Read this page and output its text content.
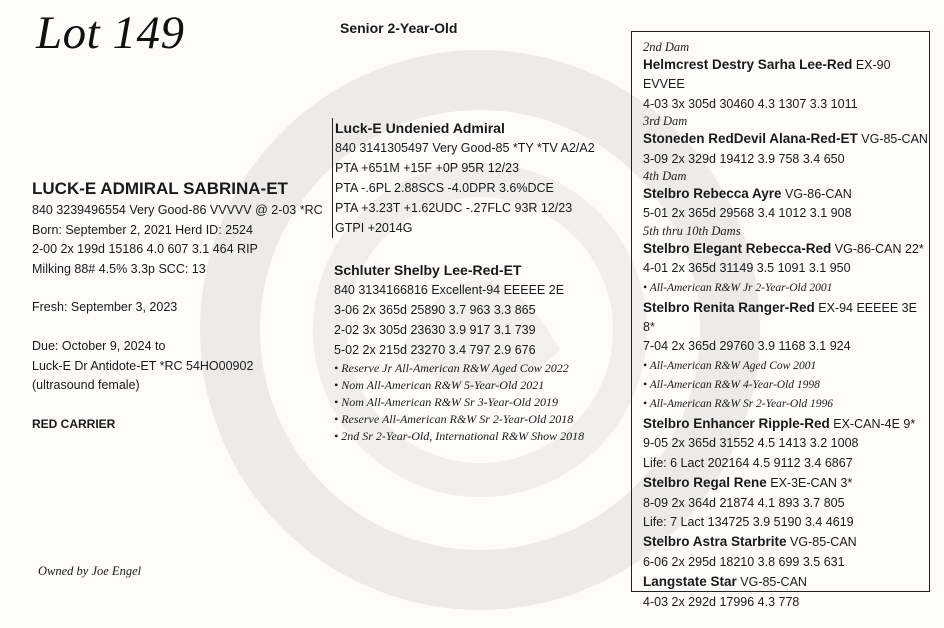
Lot 149	Senior 2-Year-Old
LUCK-E ADMIRAL SABRINA-ET
840 3239496554 Very Good-86 VVVVV @ 2-03 *RC
Born: September 2, 2021 Herd ID: 2524
2-00 2x 199d 15186 4.0 607 3.1 464 RIP
Milking 88# 4.5% 3.3p SCC: 13
Fresh: September 3, 2023
Due: October 9, 2024 to
Luck-E Dr Antidote-ET *RC 54HO00902
(ultrasound female)
RED CARRIER
Owned by Joe Engel
Luck-E Undenied Admiral
840 3141305497 Very Good-85 *TY *TV A2/A2
PTA +651M +15F +0P 95R 12/23
PTA -.6PL 2.88SCS -4.0DPR 3.6%DCE
PTA +3.23T +1.62UDC -.27FLC 93R 12/23
GTPI +2014G
Schluter Shelby Lee-Red-ET
840 3134166816 Excellent-94 EEEEE 2E
3-06 2x 365d 25890 3.7 963 3.3 865
2-02 3x 305d 23630 3.9 917 3.1 739
5-02 2x 215d 23270 3.4 797 2.9 676
• Reserve Jr All-American R&W Aged Cow 2022
• Nom All-American R&W 5-Year-Old 2021
• Nom All-American R&W Sr 3-Year-Old 2019
• Reserve All-American R&W Sr 2-Year-Old 2018
• 2nd Sr 2-Year-Old, International R&W Show 2018
2nd Dam
Helmcrest Destry Sarha Lee-Red EX-90 EVVEE
4-03 3x 305d 30460 4.3 1307 3.3 1011
3rd Dam
Stoneden RedDevil Alana-Red-ET VG-85-CAN
3-09 2x 329d 19412 3.9 758 3.4 650
4th Dam
Stelbro Rebecca Ayre VG-86-CAN
5-01 2x 365d 29568 3.4 1012 3.1 908
5th thru 10th Dams
Stelbro Elegant Rebecca-Red VG-86-CAN 22*
4-01 2x 365d 31149 3.5 1091 3.1 950
• All-American R&W Jr 2-Year-Old 2001
Stelbro Renita Ranger-Red EX-94 EEEEE 3E 8*
7-04 2x 365d 29760 3.9 1168 3.1 924
• All-American R&W Aged Cow 2001
• All-American R&W 4-Year-Old 1998
• All-American R&W Sr 2-Year-Old 1996
Stelbro Enhancer Ripple-Red EX-CAN-4E 9*
9-05 2x 365d 31552 4.5 1413 3.2 1008
Life: 6 Lact 202164 4.5 9112 3.4 6867
Stelbro Regal Rene EX-3E-CAN 3*
8-09 2x 364d 21874 4.1 893 3.7 805
Life: 7 Lact 134725 3.9 5190 3.4 4619
Stelbro Astra Starbrite VG-85-CAN
6-06 2x 295d 18210 3.8 699 3.5 631
Langstate Star VG-85-CAN
4-03 2x 292d 17996 4.3 778
